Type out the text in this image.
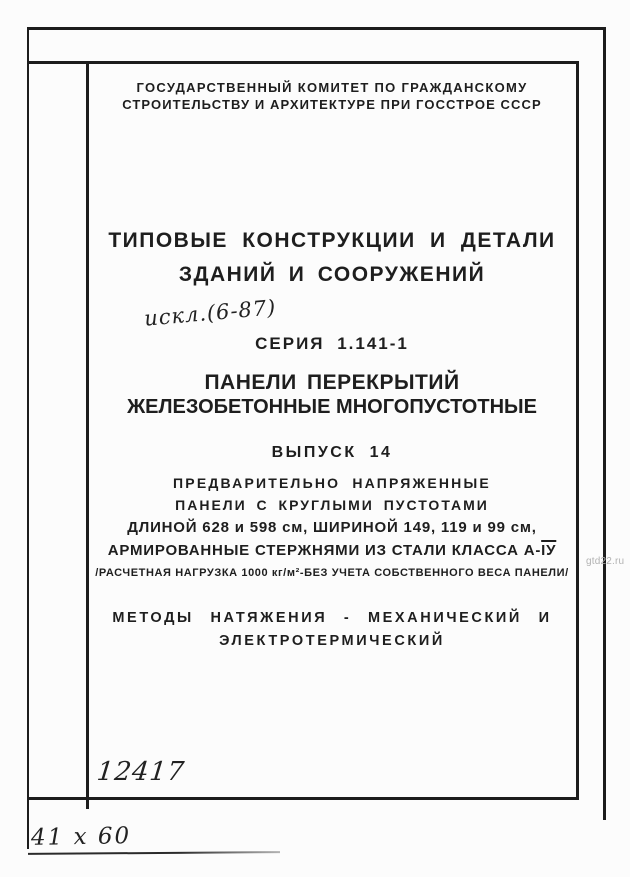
ГОСУДАРСТВЕННЫЙ КОМИТЕТ ПО ГРАЖДАНСКОМУ
СТРОИТЕЛЬСТВУ И АРХИТЕКТУРЕ ПРИ ГОССТРОЕ СССР
ТИПОВЫЕ КОНСТРУКЦИИ И ДЕТАЛИ
ЗДАНИЙ И СООРУЖЕНИЙ
искл.(6-87)
СЕРИЯ 1.141-1
ПАНЕЛИ ПЕРЕКРЫТИЙ
ЖЕЛЕЗОБЕТОННЫЕ МНОГОПУСТОТНЫЕ
ВЫПУСК 14
ПРЕДВАРИТЕЛЬНО НАПРЯЖЕННЫЕ
ПАНЕЛИ С КРУГЛЫМИ ПУСТОТАМИ
ДЛИНОЙ 628 и 598 см, ШИРИНОЙ 149, 119 и 99 см,
АРМИРОВАННЫЕ СТЕРЖНЯМИ ИЗ СТАЛИ КЛАССА А-ІУ
/РАСЧЕТНАЯ НАГРУЗКА 1000 кг/м²-БЕЗ УЧЕТА СОБСТВЕННОГО ВЕСА ПАНЕЛИ/
МЕТОДЫ НАТЯЖЕНИЯ - МЕХАНИЧЕСКИЙ И
ЭЛЕКТРОТЕРМИЧЕСКИЙ
12417
41 х 60
gtd22.ru
